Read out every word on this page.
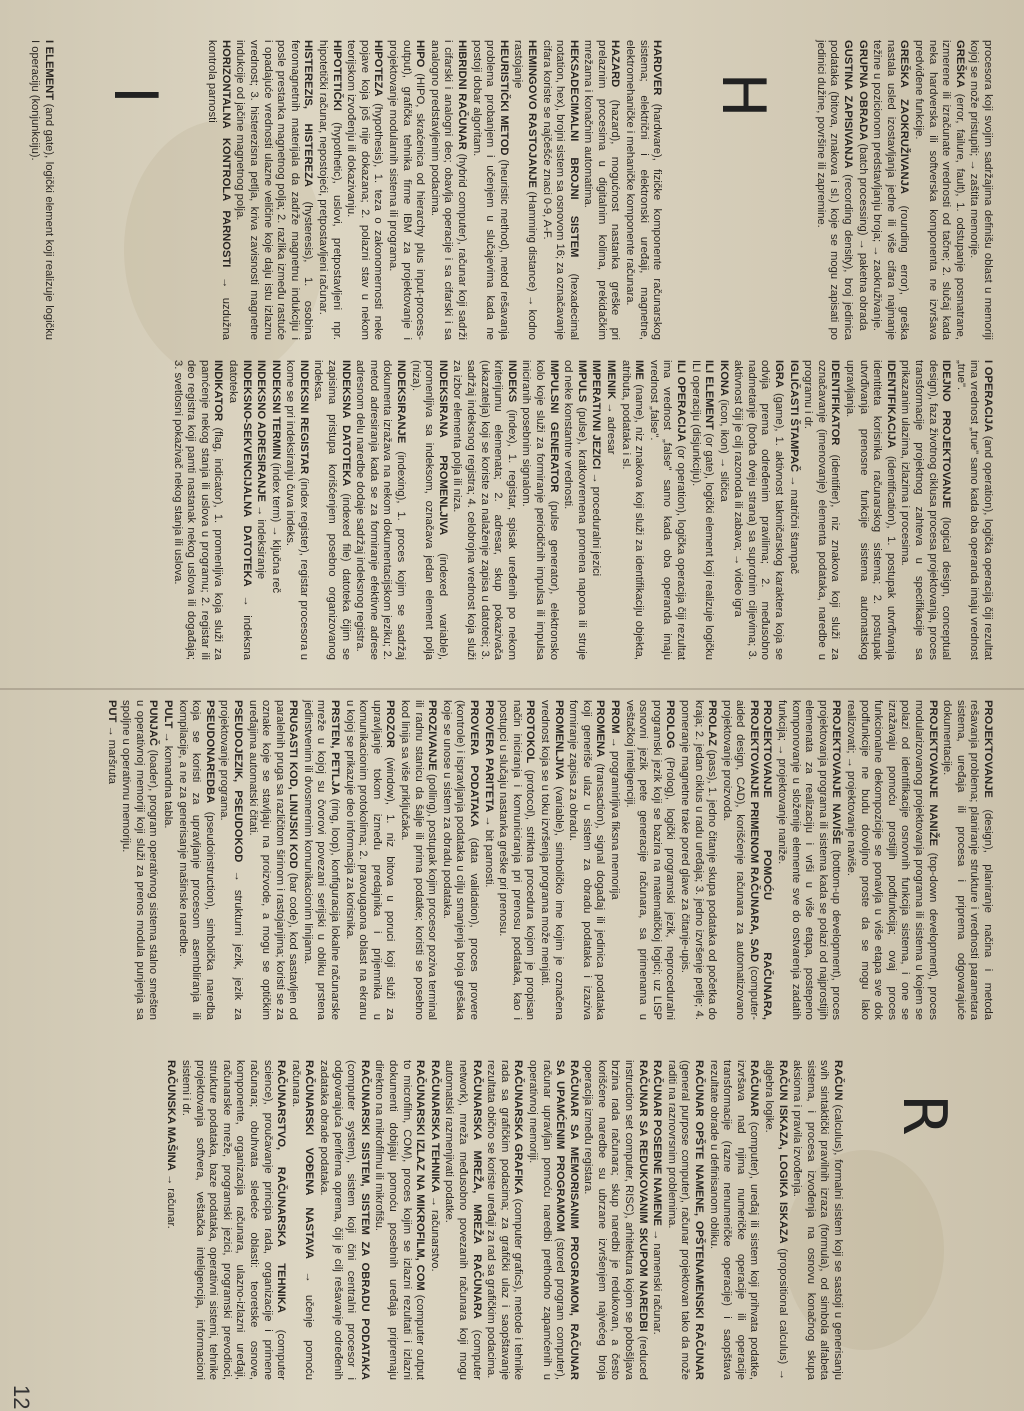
procesora koji svojim sadržajima definišu oblast u memoriji kojoj se može pristupiti; → zaštita memorije.

GREŠKA (error, failure, fault), 1. odstupanje posmatrane, izmerene ili izračunate vrednosti od tačne; 2. slučaj kada neka hardverska ili softverska komponenta ne izvršava predviđene funkcije.

GREŠKA ZAOKRUŽIVANJA (rounding error), greška nastala usled izostavljanja jedne ili više cifara najmanje težine u pozicionom predstavljanju broja; → zaokruživanje.

GRUPNA OBRADA (batch processing) → paketna obrada

GUSTINA ZAPISIVANJA (recording density), broj jedinica podataka (bitova, znakova i sl.) koje se mogu zapisati po jedinici dužine, površine ili zapremine.

H

HARDVER (hardware), fizičke komponente računarskog sistema; električni i elektronski uređaji, magnetne, elektromehaničke i mehaničke komponente računara.

HAZARD (hazard), mogućnost nastanka greške pri prelaznim procesima u digitalnim kolima, prekidačkim mrežama i konačnim automatima.

HEKSADECIMALNI BROJNI SISTEM (hexadecimal notation, hex), brojni sistem sa osnovom 16; za označavanje cifara koriste se najčešće znaci 0-9, A-F.

HEMINGOVO RASTOJANJE (Hamming distance) → kodno rastojanje

HEURISTIČKI METOD (heuristic method), metod rešavanja problema probanjem i učenjem u slučajevima kada ne postoji dobar algoritam.

HIBRIDNI RAČUNAR (hybrid computer), računar koji sadrži i cifarski i analogni deo; obavlja operacije i sa cifarski i sa analogno predstavljenim podacima.

HIPO (HIPO, skraćenica od hierarchy plus input-process-output), grafička tehnika firme IBM za projektovanje i projektovanje modularnih sistema ili programa.

HIPOTEZA (hypothesis), 1. teza o zakonomernosti neke pojave koja još nije dokazana; 2. polazni stav u nekom teorijskom izvođenju ili dokazivanju.

HIPOTETIČKI (hypothetic), uslovi, pretpostavljeni npr. hipotetički računar, nepostojeći, pretpostavljeni računar.

HISTEREZIS, HISTEREZA (hysteresis), 1. osobina feromagnetnih materijala da zadrže magnetnu indukciju i posle prestanka magnetnog polja; 2. razlika između rastuće i opadajuće vrednosti ulazne veličine koje daju istu izlaznu vrednost; 3. histerezisna petlja, kriva zavisnosti magnetne indukcije od jačine magnetnog polja.

HORIZONTALNA KONTROLA PARNOSTI → uzdužna kontrola parnosti

I

I ELEMENT (and gate), logički element koji realizuje logičku I operaciju (konjunkciju).

I OPERACIJA (and operation), logička operacija čiji rezultat ima vrednost „true" samo kada oba operanda imaju vrednost „true".

IDEJNO PROJEKTOVANJE (logical design, conceptual design), faza životnog ciklusa procesa projektovanja, proces transformacije projektnog zahteva u specifikacije sa prikazanim ulazima, izlazima i procesima.

IDENTIFIKACIJA (identification), 1. postupak utvrđivanja identiteta korisnika računarskog sistema; 2. postupak utvrđivanja prenosne funkcije sistema automatskog upravljanja.

IDENTIFIKATOR (identifier), niz znakova koji služi za označavanje (imenovanje) elementa podataka, naredbe u programu i dr.

IGLIČASTI ŠTAMPAČ → matrični štampač

IGRA (game), 1. aktivnost takmičarskog karaktera koja se odvija prema određenim pravilima; 2. međusobno nadmetanje (borba dveju strana) sa suprotnim ciljevima; 3. aktivnost čiji je cilj razonoda ili zabava; → video igra

IKONA (icon, ikon) → sličica

ILI ELEMENT (or gate), logički element koji realizuje logičku ILI operaciju (disjunkciju).

ILI OPERACIJA (or operation), logička operacija čiji rezultat ima vrednost „false" samo kada oba operanda imaju vrednost „false".

IME (name), niz znakova koji služi za identifikaciju objekta, atributa, podataka i sl.

IMENIK → adresar

IMPERATIVNI JEZICI → proceduralni jezici

IMPULS (pulse), kratkovremena promena napona ili struje od neke konstantne vrednosti.

IMPULSNI GENERATOR (pulse generator), elektronsko kolo koje služi za formiranje periodičnih impulsa ili impulsa iniciranih posebnim signalom.

INDEKS (index), 1. registar, spisak uređenih po nekom kriterijumu elemenata; 2. adresar, skup pokazivača (ukazatelja) koji se koriste za nalaženje zapisa u datoteci; 3. sadržaj indeksnog registra; 4. celobrojna vrednost koja služi za izbor elementa polja ili niza.

INDEKSIRANA PROMENLJIVA (indexed variable), promenljiva sa indeksom, označava jedan element polja (niza).

INDEKSIRANJE (indexing), 1. proces kojim se sadržaj dokumenta izražava na nekom dokumentacijskom jeziku; 2. metod adresiranja kada se za formiranje efektivne adrese adresnom delu naredbe dodaje sadržaj indeksnog registra.

INDEKSNA DATOTEKA (indexed file) datoteka čijim se zapisima pristupa korišćenjem posebno organizovanog indeksa.

INDEKSNI REGISTAR (index register), registar procesora u kome se pri indeksiranju čuva indeks.

INDEKSNI TERMIN (index term) → ključna reč

INDEKSNO ADRESIRANJE → indeksiranje

INDEKSNO-SEKVENCIJALNA DATOTEKA → indeksna datoteka

INDIKATOR (flag, indicator), 1. promenljiva koja služi za pamćenje nekog stanja ili uslova u programu; 2. registar ili deo registra koji pamti nastanak nekog uslova ili događaja; 3. svetlosni pokazivač nekog stanja ili uslova.

PROJEKTOVANJE (design), planiranje načina i metoda rešavanja problema; planiranje strukture i vrednosti parametara sistema, uređaja ili procesa i priprema odgovarajuće dokumentacije.

PROJEKTOVANJE NANIŽE (top-down development), proces modularizovanog projektovanja programa ili sistema u kojem se polazi od identifikacije osnovnih funkcija sistema, i one se izražavaju pomoću prostijih podfunkcija; ovaj proces funkcionalne dekompozicije se ponavlja u više etapa sve dok podfunkcije ne budu dovoljno proste da se mogu lako realizovati; → projektovanje naviše.

PROJEKTOVANJE NAVIŠE (bottom-up development), proces projektovanja programa ili sistema kada se polazi od najprostijih elemenata za realizaciju i vrši u više etapa, postepeno komponovanje u složenije elemente sve do ostvarenja zadatih funkcija; → projektovanje naniže.

PROJEKTOVANJE POMOĆU RAČUNARA, PROJEKTOVANJE PRIMENOM RAČUNARA, SAD (computer-aided design, CAD), korišćenje računara za automatizovano projektovanje proizvoda.

PROLAZ (pass), 1. jedno čitanje skupa podataka od početka do kraja; 2. jedan ciklus u radu uređaja; 3. jedno izvršenje petlje; 4. pomeranje magnetne trake pored glave za čitanje-upis.

PROLOG (Prolog), logički programski jezik, neproceduralni programski jezik koji se bazira na matematičkoj logici; uz LISP osnovni jezik pete generacije računara, sa primenama u veštačkoj inteligenciji.

PROM → programirljiva fiksna memorija

PROMENA (transaction), signal događaj ili jedinica podataka koji generiše ulaz u sistem za obradu podataka i izaziva formiranje zapisa za obradu.

PROMENLJIVA (variable), simboličko ime kojim je označena vrednost koja se u toku izvršenja programa može menjati.

PROTOKOL (protocol), striktna procedura kojom je propisan način iniciranja i komuniciranja pri prenosu podataka, kao i postupci u slučaju nastanka greške pri prenosu.

PROVERA PARITETA → bit parnosti.

PROVERA PODATAKA (data validation), proces provere (kontrole) i ispravljanja podataka u cilju smanjenja broja grešaka koje se unose u sistem za obradu podataka.

PROZIVANJE (polling), postupak kojim procesor poziva terminal ili radnu stanicu da šalje ili prima podatke; koristi se posebno kod linija sa više priključaka.

PROZOR (window), 1. niz bitova u poruci koji služi za upravljanje tokom između predajnika i prijemnika u komunikacionim protokolima; 2. pravougaona oblast na ekranu u kojoj se prikazuje deo informacija za korisnika.

PRSTEN, PETLJA (ring, loop), konfiguracija lokalne računarske mreže u kojoj su čvorovi povezani serijski u obliku prstena jedinstvenim ili dvosmernim komunikacionim linijama.

PRUGASTI KOD, LINIJSKI KOD (bar code), kod sastavljen od paralelnih pruga sa različitom širinom i rastojanjima; koristi se za oznake koje se stavljaju na proizvode, a mogu se optičkim uređajima automatski čitati.

PSEUDOJEZIK, PSEUDOKOD → strukturni jezik, jezik za projektovanje programa.

PSEUDONAREDBA (pseudoinstruction), simbolička naredba koja se koristi za upravljanje procesom asembliranja ili kompilacije, a ne za generisanje mašinske naredbe.

PULT → komandna tabla.

PUNJAČ (loader), program operativnog sistema stalno smešten u operativnoj memoriji koji služi za prenos modula punjenja sa spoljne u operativnu memoriju.

PUT → maršruta

R

RAČUN (calculus), formalni sistem koji se sastoji u generisanju svih sintaktički pravilnih izraza (formula), od simbola alfabeta sistema, i procesa izvođenja na osnovu konačnog skupa aksioma i pravila izvođenja.

RAČUN ISKAZA, LOGIKA ISKAZA (propositional calculus) → algebra logike.

RAČUNAR (computer), uređaj ili sistem koji prihvata podatke, izvršava nad njima numeričke operacije ili operacije transformacije (razne nenumeričke operacije) i saopštava rezultate obrade u definisanom obliku.

RAČUNAR OPŠTE NAMENE, OPŠTENAMENSKI RAČUNAR (general purpose computer), računar projektovan tako da može raditi na raznovrsnim problemima.

RAČUNAR POSEBNE NAMENE → namenski računar.

RAČUNAR SA REDUKOVANIM SKUPOM NAREDBI (reduced instruction set computer, RISC), arhitektura kojom se pobošljava brzina rada računara; skup naredbi je redukovan, a često korišćene naredbe su ubrzane izvršenjem najvećeg broja operacija između registara.

RAČUNAR SA MEMORISANIM PROGRAMOM, RAČUNAR SA UPAMĆENIM PROGRAMOM (stored program computer), računar upravljan pomoću naredbi prethodno zapamćenih u operativnoj memoriji.

RAČUNARSKA GRAFIKA (computer grafics), metode i tehnike rada sa grafičkim podacima; za grafički ulaz i saopštavanje rezultata obično se koriste uređaji za rad sa grafičkim podacima.

RAČUNARSKA MREŽA, MREŽA RAČUNARA (computer network), mreža međusobno povezanih računara koji mogu automatski razmenjivati podatke.

RAČUNARSKA TEHNIKA → računarstvo.

RAČUNARSKI IZLAZ NA MIKROFILM, COM (computer output to microfilm, COM), proces kojim se izlazni rezultati i izlazni dokumenti dobijaju pomoću posebnih uređaja pripremaju direktno na mikrofilmu ili mikrofišu.

RAČUNARSKI SISTEM, SISTEM ZA OBRADU PODATAKA (computer system), sistem koji čini centralni procesor i odgovarajuća periferna oprema, čiji je cilj rešavanje određenih zadataka obrade podataka.

RAČUNARSKI VOĐENA NASTAVA → učenje pomoću računara.

RAČUNARSTVO, RAČUNARSKA TEHNIKA (computer science), proučavanje principa rada, organizacije i primene računara; obuhvata sledeće oblasti: teoretske osnove, komponente, organizacija računara, ulazno-izlazni uređaji, računarske mreže, programski jezici, programski prevodioci, strukture podataka, baze podataka, operativni sistemi, tehnike projektovanja softvera, veštačka inteligencija, informacioni sistemi i dr.

RAČUNSKA MAŠINA → računar.

12
